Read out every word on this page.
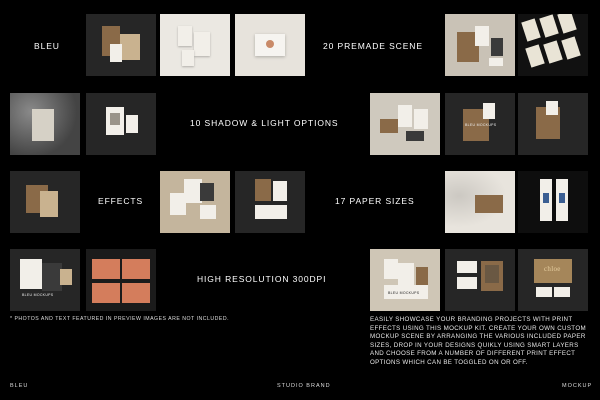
BLEU	20 PREMADE SCENE
10 SHADOW & LIGHT OPTIONS	BLEU MOCKUPS
EFFECTS	17 PAPER SIZES
BLEU MOCKUPS
HIGH RESOLUTION 300DPI
BLEU MOCKUPS
chloe
* PHOTOS AND TEXT FEATURED IN PREVIEW IMAGES ARE NOT INCLUDED.	EASILY SHOWCASE YOUR BRANDING PROJECTS WITH PRINT EFFECTS USING THIS MOCKUP KIT. CREATE YOUR OWN CUSTOM MOCKUP SCENE BY ARRANGING THE VARIOUS INCLUDED PAPER SIZES, DROP IN YOUR DESIGNS QUIKLY USING SMART LAYERS AND CHOOSE FROM A NUMBER OF DIFFERENT PRINT EFFECT OPTIONS WHICH CAN BE TOGGLED ON OR OFF.
BLEU	STUDIO BRAND	MOCKUP
